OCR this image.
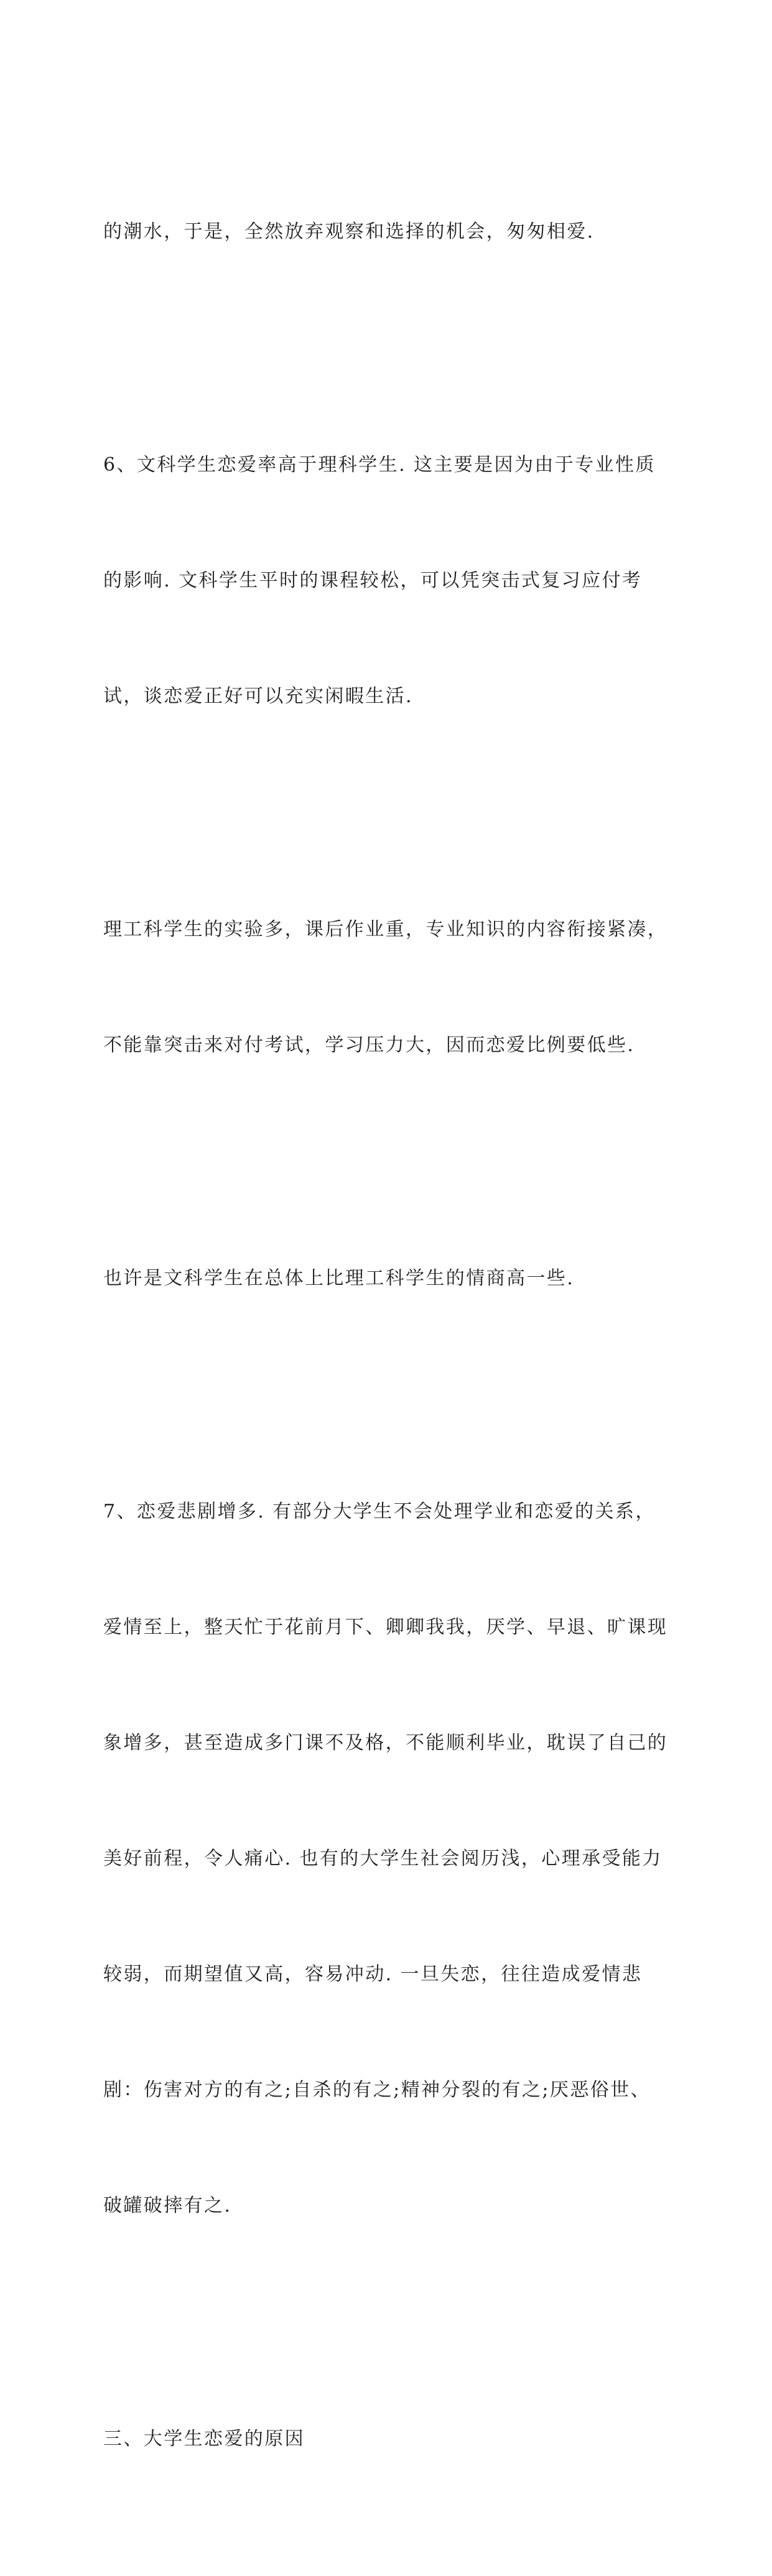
的潮水，于是，全然放弃观察和选择的机会，匆匆相爱.

6、文科学生恋爱率高于理科学生. 这主要是因为由于专业性质

的影响. 文科学生平时的课程较松，可以凭突击式复习应付考

试，谈恋爱正好可以充实闲暇生活.

理工科学生的实验多，课后作业重，专业知识的内容衔接紧凑，

不能靠突击来对付考试，学习压力大，因而恋爱比例要低些.

也许是文科学生在总体上比理工科学生的情商高一些.

7、恋爱悲剧增多. 有部分大学生不会处理学业和恋爱的关系，

爱情至上，整天忙于花前月下、卿卿我我，厌学、早退、旷课现

象增多，甚至造成多门课不及格，不能顺利毕业，耽误了自己的

美好前程，令人痛心. 也有的大学生社会阅历浅，心理承受能力

较弱，而期望值又高，容易冲动. 一旦失恋，往往造成爱情悲

剧：伤害对方的有之;自杀的有之;精神分裂的有之;厌恶俗世、

破罐破摔有之.

三、大学生恋爱的原因
